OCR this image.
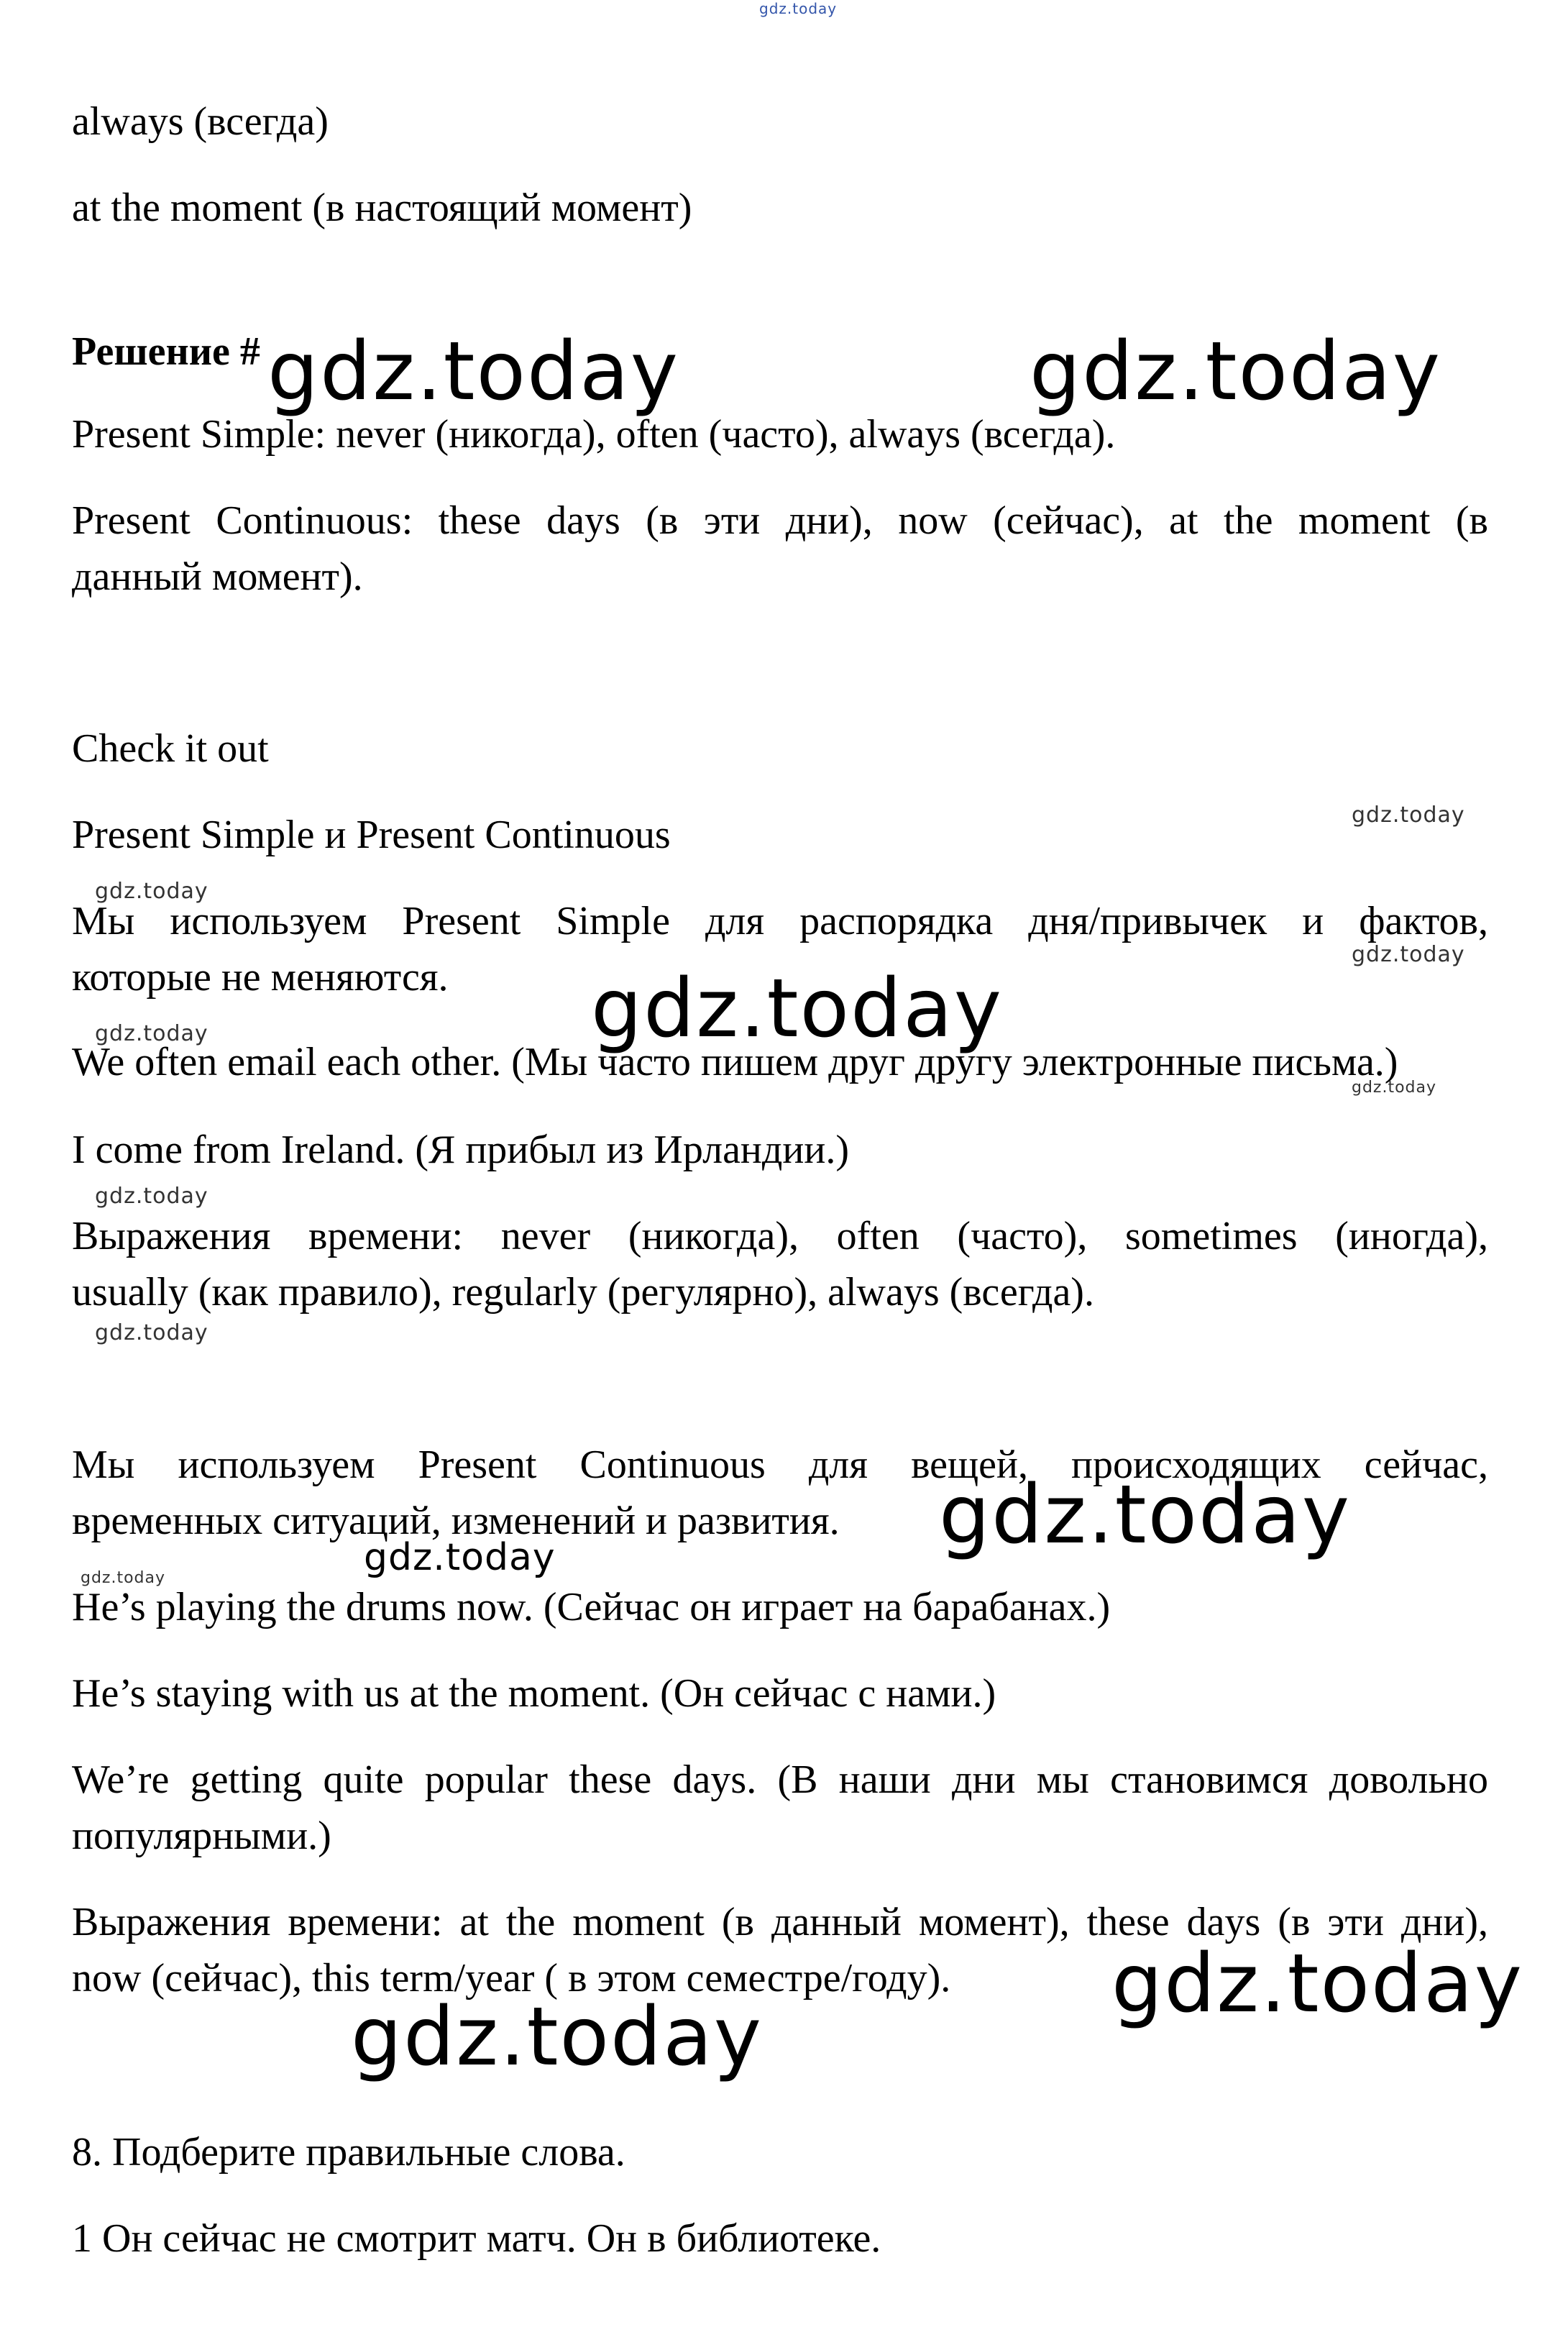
gdz.today
gdz.today	gdz.today
gdz.today
gdz.today
gdz.today
gdz.today
gdz.today
gdz.today
gdz.today
gdz.today
gdz.today
gdz.today
gdz.today
gdz.today
gdz.today
always (всегда)
at the moment (в настоящий момент)
Решение #
Present Simple: never (никогда), often (часто), always (всегда).
Present Continuous: these days (в эти дни), now (сейчас), at the moment (в
данный момент).
Check it out
Present Simple и Present Continuous
Мы используем Present Simple для распорядка дня/привычек и фактов,
которые не меняются.
We often email each other. (Мы часто пишем друг другу электронные письма.)
I come from Ireland. (Я прибыл из Ирландии.)
Выражения времени: never (никогда), often (часто), sometimes (иногда),
usually (как правило), regularly (регулярно), always (всегда).
Мы используем Present Continuous для вещей, происходящих сейчас,
временных ситуаций, изменений и развития.
He’s playing the drums now. (Сейчас он играет на барабанах.)
He’s staying with us at the moment. (Он сейчас с нами.)
We’re getting quite popular these days. (В наши дни мы становимся довольно
популярными.)
Выражения времени: at the moment (в данный момент), these days (в эти дни),
now (сейчас), this term/year ( в этом семестре/году).
8. Подберите правильные слова.
1 Он сейчас не смотрит матч. Он в библиотеке.
